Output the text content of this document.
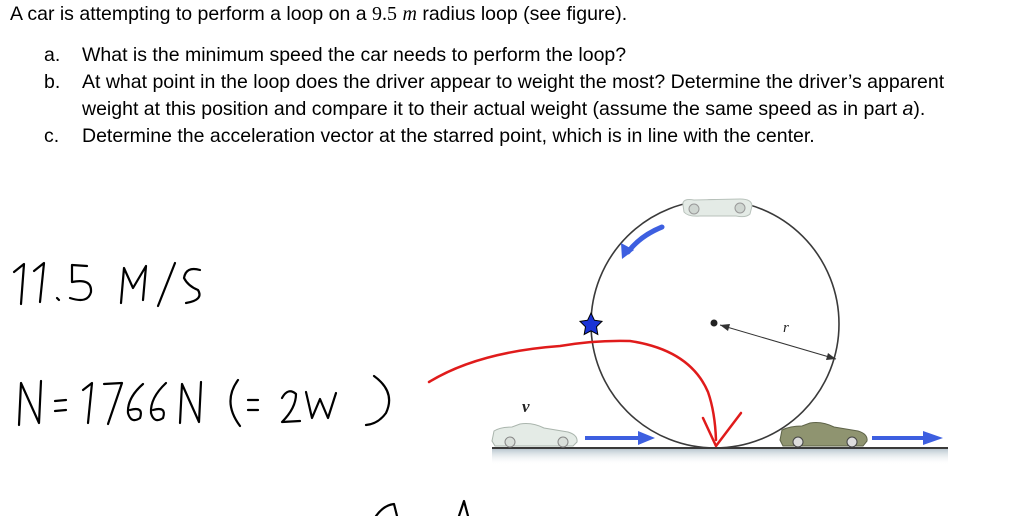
A car is attempting to perform a loop on a 9.5 m radius loop (see figure).
a. What is the minimum speed the car needs to perform the loop?
b. At what point in the loop does the driver appear to weight the most? Determine the driver’s apparent weight at this position and compare it to their actual weight (assume the same speed as in part a).
c. Determine the acceleration vector at the starred point, which is in line with the center.
r
v
